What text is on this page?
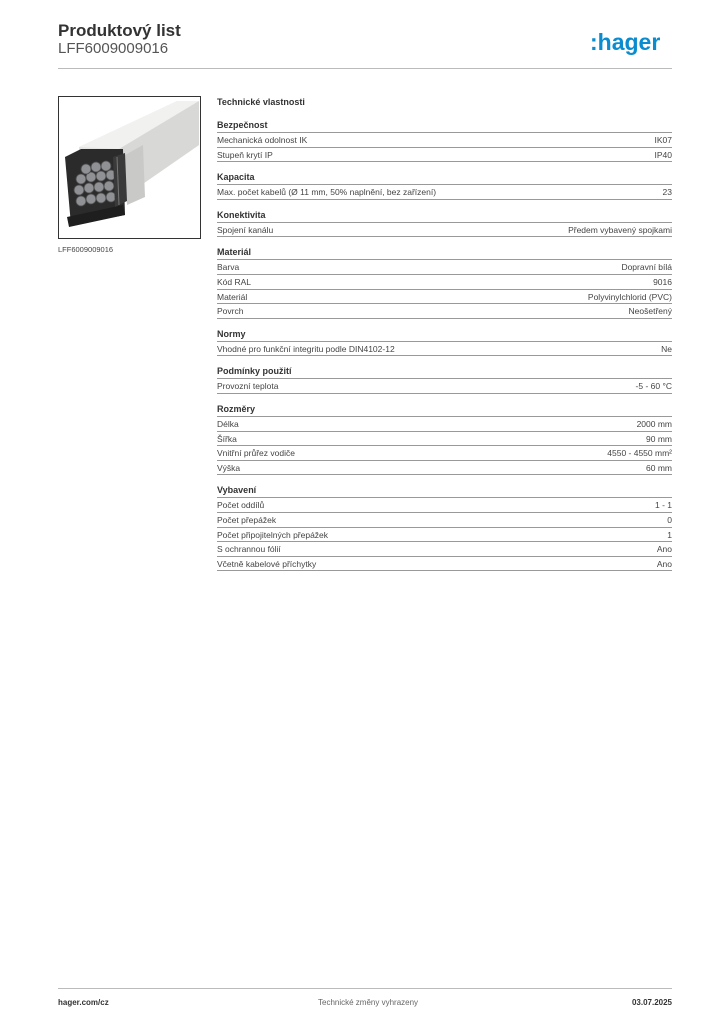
Produktový list
LFF6009009016	:hager
LFF6009009016
Technické vlastnosti
Bezpečnost
Mechanická odolnost IK	IK07
Stupeň krytí IP	IP40
Kapacita
Max. počet kabelů (Ø 11 mm, 50% naplnění, bez zařízení)	23
Konektivita
Spojení kanálu	Předem vybavený spojkami
Materiál
Barva	Dopravní bílá
Kód RAL	9016
Materiál	Polyvinylchlorid (PVC)
Povrch	Neošetřený
Normy
Vhodné pro funkční integritu podle DIN4102-12	Ne
Podmínky použití
Provozní teplota	-5 - 60 °C
Rozměry
Délka	2000 mm
Šířka	90 mm
Vnitřní průřez vodiče	4550 - 4550 mm²
Výška	60 mm
Vybavení
Počet oddílů	1 - 1
Počet přepážek	0
Počet připojitelných přepážek	1
S ochrannou fólií	Ano
Včetně kabelové příchytky	Ano
hager.com/cz	Technické změny vyhrazeny	03.07.2025
